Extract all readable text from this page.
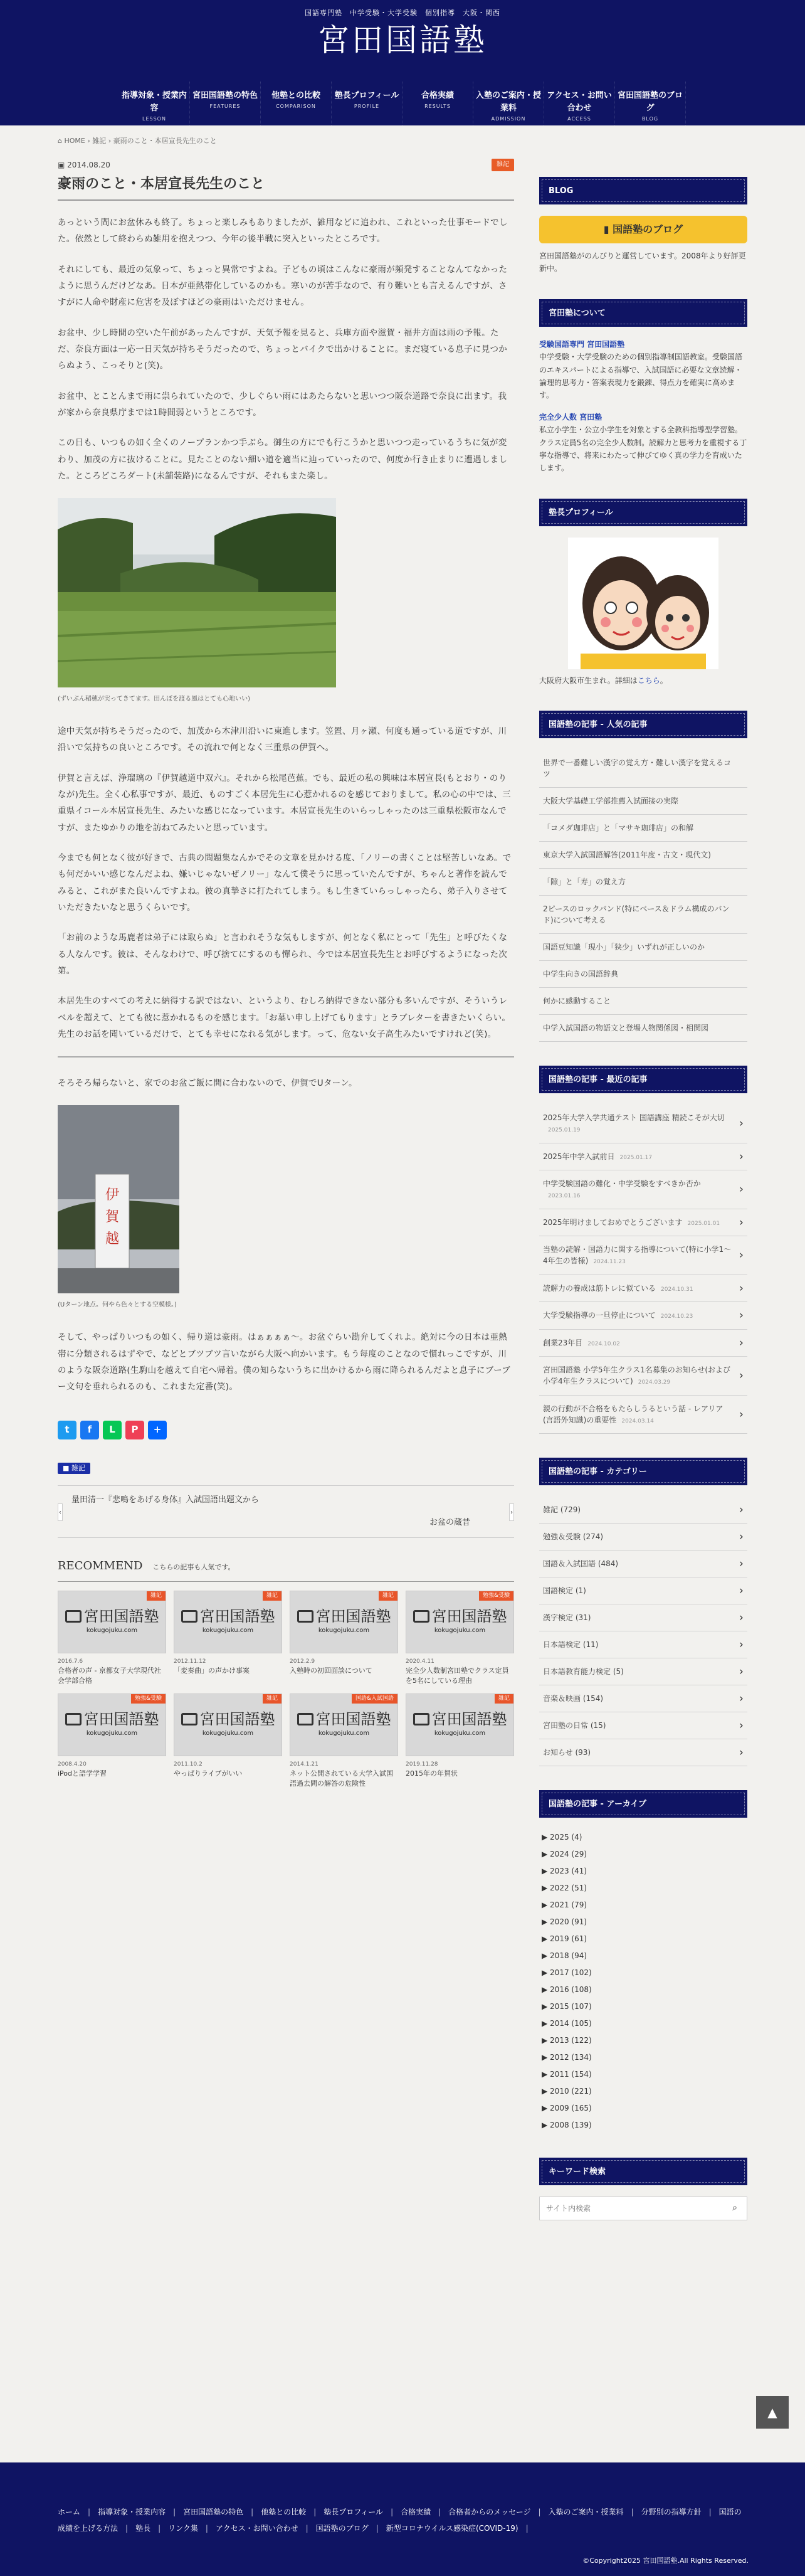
国語専門塾　中学受験・大学受験　個別指導　大阪・関西
宮田国語塾
指導対象・授業内容
LESSON
宮田国語塾の特色
FEATURES
他塾との比較
COMPARISON
塾長プロフィール
PROFILE
合格実績
RESULTS
入塾のご案内・授業料
ADMISSION
アクセス・お問い合わせ
ACCESS
宮田国語塾のブログ
BLOG
⌂ HOME › 雑記 › 豪雨のこと・本居宣長先生のこと
▣ 2014.08.20	雑記
豪雨のこと・本居宣長先生のこと

あっという間にお盆休みも終了。ちょっと楽しみもありましたが、雑用などに追われ、これといった仕事モードでした。依然として終わらぬ雑用を抱えつつ、今年の後半戦に突入といったところです。

それにしても、最近の気象って、ちょっと異常ですよね。子どもの頃はこんなに豪雨が頻発することなんてなかったように思うんだけどなあ。日本が亜熱帯化しているのかも。寒いのが苦手なので、有り難いとも言えるんですが、さすがに人命や財産に危害を及ぼすほどの豪雨はいただけません。

お盆中、少し時間の空いた午前があったんですが、天気予報を見ると、兵庫方面や滋賀・福井方面は雨の予報。ただ、奈良方面は一応一日天気が持ちそうだったので、ちょっとバイクで出かけることに。まだ寝ている息子に見つからぬよう、こっそりと(笑)。

お盆中、とことんまで雨に祟られていたので、少しぐらい雨にはあたらないと思いつつ阪奈道路で奈良に出ます。我が家から奈良県庁までは1時間弱というところです。

この日も、いつもの如く全くのノープランかつ手ぶら。御生の方にでも行こうかと思いつつ走っているうちに気が変わり、加茂の方に抜けることに。見たことのない細い道を適当に辿っていったので、何度か行き止まりに遭遇しました。ところどころダート(未舗装路)になるんですが、それもまた楽し。

(ずいぶん稲穂が実ってきてます。田んぼを渡る風はとても心地いい)

途中天気が持ちそうだったので、加茂から木津川沿いに東進します。笠置、月ヶ瀬、何度も通っている道ですが、川沿いで気持ちの良いところです。その流れで何となく三重県の伊賀へ。

伊賀と言えば、浄瑠璃の『伊賀越道中双六』。それから松尾芭蕉。でも、最近の私の興味は本居宣長(もとおり・のりなが)先生。全く心私事ですが、最近、ものすごく本居先生に心惹かれるのを感じておりまして。私の心の中では、三重県イコール本居宣長先生、みたいな感じになっています。本居宣長先生のいらっしゃったのは三重県松阪市なんですが、またゆかりの地を訪ねてみたいと思っています。

今までも何となく彼が好きで、古典の問題集なんかでその文章を見かける度、「ノリーの書くことは堅苦しいなあ。でも何だかいい感じなんだよね、嫌いじゃないぜノリー」なんて僕そうに思っていたんですが、ちゃんと著作を読んでみると、これがまた良いんですよね。彼の真摯さに打たれてしまう。もし生きていらっしゃったら、弟子入りさせていただきたいなと思うくらいです。

「お前のような馬鹿者は弟子には取らぬ」と言われそうな気もしますが、何となく私にとって「先生」と呼びたくなる人なんです。彼は、そんなわけで、呼び捨てにするのも憚られ、今では本居宣長先生とお呼びするようになった次第。

本居先生のすべての考えに納得する訳ではない、というより、むしろ納得できない部分も多いんですが、そういうレベルを超えて、とても彼に惹かれるものを感じます。「お墓い申し上げてもります」とラブレターを書きたいくらい。先生のお話を聞いているだけで、とても幸せになれる気がします。って、危ない女子高生みたいですけれど(笑)。

そろそろ帰らないと、家でのお盆ご飯に間に合わないので、伊賀でUターン。

伊
賀
越
(Uターン地点。何やら色々とする空模様。)

そして、やっぱりいつもの如く、帰り道は豪雨。はぁぁぁぁ～。お盆ぐらい勘弁してくれよ。絶対に今の日本は亜熱帯に分類されるはずやで、などとブツブツ言いながら大阪へ向かいます。もう每度のことなので慣れっこですが、川のような阪奈道路(生駒山を越えて自宅へ帰着。僕の知らないうちに出かけるから雨に降られるんだよと息子にブーブー文句を垂れられるのも、これまた定番(笑)。

t	f	L	P	+
■ 雑記
‹
量田清一『悲鳴をあげる身体』入試国語出題文から
お盆の蔵昔
›
RECOMMEND こちらの記事も人気です。
雑記
宮田国語塾
kokugojuku.com
2016.7.6
合格者の声 - 京都女子大学現代社会学部合格
雑記
宮田国語塾
kokugojuku.com
2012.11.12
「変奏曲」の声かけ事案
雑記
宮田国語塾
kokugojuku.com
2012.2.9
入塾時の初回面談について
勉強&受験
宮田国語塾
kokugojuku.com
2020.4.11
完全少人数制宮田塾でクラス定員を5名にしている理由
勉強&受験
宮田国語塾
kokugojuku.com
2008.4.20
iPodと語学学習
雑記
宮田国語塾
kokugojuku.com
2011.10.2
やっぱりライブがいい
国語&入試国語
宮田国語塾
kokugojuku.com
2014.1.21
ネット公開されている大学入試国語過去問の解答の危険性
雑記
宮田国語塾
kokugojuku.com
2019.11.28
2015年の年賀状
BLOG
▮ 国語塾のブログ
宮田国語塾がのんびりと運営しています。2008年より好評更新中。
宮田塾について
受験国語専門 宮田国語塾
中学受験・大学受験のための個別指導制国語教室。受験国語のエキスパートによる指導で、入試国語に必要な文章読解・論理的思考力・答案表現力を鍛錬、得点力を確実に高めます。
完全少人数 宮田塾
私立小学生・公立小学生を対象とする全教科指導型学習塾。クラス定員5名の完全少人数制。読解力と思考力を重視する丁寧な指導で、将来にわたって伸びてゆく真の学力を育成いたします。
塾長プロフィール
大阪府大阪市生まれ。詳細はこちら。
国語塾の記事 - 人気の記事
世界で一番難しい漢字の覚え方・難しい漢字を覚えるコツ
大阪大学基礎工学部推薦入試面接の実際
「コメダ珈琲店」と「マサキ珈琲店」の和解
東京大学入試国語解答(2011年度・古文・現代文)
「隙」と「寿」の覚え方
2ピースのロックバンド(特にベース＆ドラム構成のバンド)について考える
国語豆知識「現小」「狭少」いずれが正しいのか
中学生向きの国語辞典
何かに感動すること
中学入試国語の物語文と登場人物関係図・相関図
国語塾の記事 - 最近の記事
2025年大学入学共通テスト 国語講座 精読こそが大切2025.01.19 ›
2025年中学入試前日 2025.01.17 ›
中学受験国語の難化・中学受験をすべきか否か2023.01.16 ›
2025年明けましておめでとうございます 2025.01.01 ›
当塾の読解・国語力に関する指導について(特に小学1〜4年生の皆様) 2024.11.23 ›
読解力の養成は筋トレに似ている 2024.10.31 ›
大学受験指導の一旦停止について 2024.10.23 ›
創業23年目 2024.10.02 ›
宮田国語塾 小学5年生クラス1名募集のお知らせ(および小学4年生クラスについて) 2024.03.29 ›
親の行動が不合格をもたらしうるという話 - レアリア(言語外知識)の重要性 2024.03.14 ›
国語塾の記事 - カテゴリー
雑記 (729) ›
勉強＆受験 (274) ›
国語＆入試国語 (484) ›
国語検定 (1) ›
漢字検定 (31) ›
日本語検定 (11) ›
日本語教育能力検定 (5) ›
音楽＆映画 (154) ›
宮田塾の日常 (15) ›
お知らせ (93) ›
国語塾の記事 - アーカイブ
▶ 2025 (4)
▶ 2024 (29)
▶ 2023 (41)
▶ 2022 (51)
▶ 2021 (79)
▶ 2020 (91)
▶ 2019 (61)
▶ 2018 (94)
▶ 2017 (102)
▶ 2016 (108)
▶ 2015 (107)
▶ 2014 (105)
▶ 2013 (122)
▶ 2012 (134)
▶ 2011 (154)
▶ 2010 (221)
▶ 2009 (165)
▶ 2008 (139)
キーワード検索
サイト内検索
⌕
▲
ホーム | 指導対象・授業内容 | 宮田国語塾の特色 | 他塾との比較 | 塾長プロフィール | 合格実績 | 合格者からのメッセージ | 入塾のご案内・授業料 | 分野別の指導方針 | 国語の成績を上げる方法 | 塾長 | リンク集 | アクセス・お問い合わせ | 国語塾のブログ | 新型コロナウイルス感染症(COVID-19) |
©Copyright2025 宮田国語塾.All Rights Reserved.
